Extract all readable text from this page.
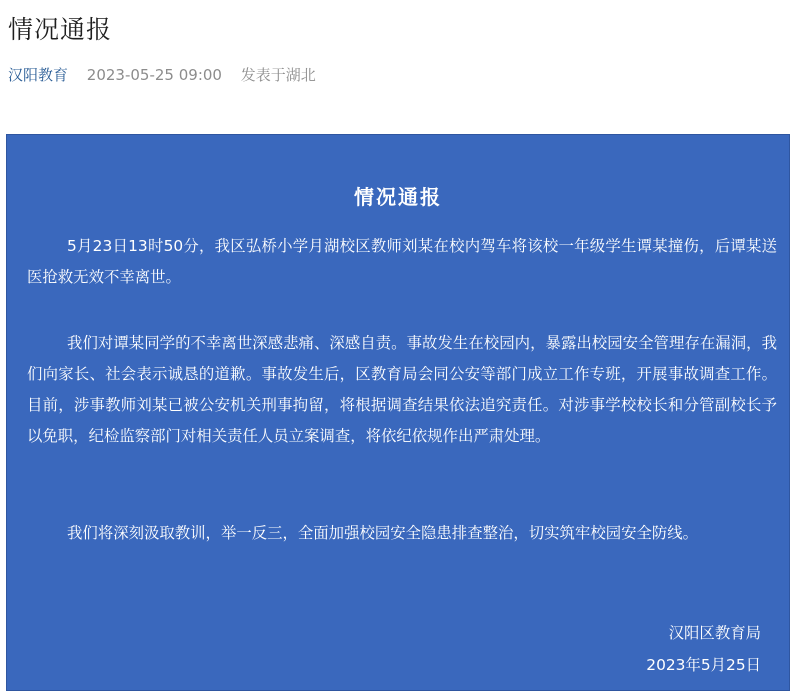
情况通报
汉阳教育 2023-05-25 09:00 发表于湖北
情况通报

5月23日13时50分，我区弘桥小学月湖校区教师刘某在校内驾车将该校一年级学生谭某撞伤，后谭某送医抢救无效不幸离世。

我们对谭某同学的不幸离世深感悲痛、深感自责。事故发生在校园内，暴露出校园安全管理存在漏洞，我们向家长、社会表示诚恳的道歉。事故发生后，区教育局会同公安等部门成立工作专班，开展事故调查工作。目前，涉事教师刘某已被公安机关刑事拘留，将根据调查结果依法追究责任。对涉事学校校长和分管副校长予以免职，纪检监察部门对相关责任人员立案调查，将依纪依规作出严肃处理。

我们将深刻汲取教训，举一反三，全面加强校园安全隐患排查整治，切实筑牢校园安全防线。

汉阳区教育局
2023年5月25日
